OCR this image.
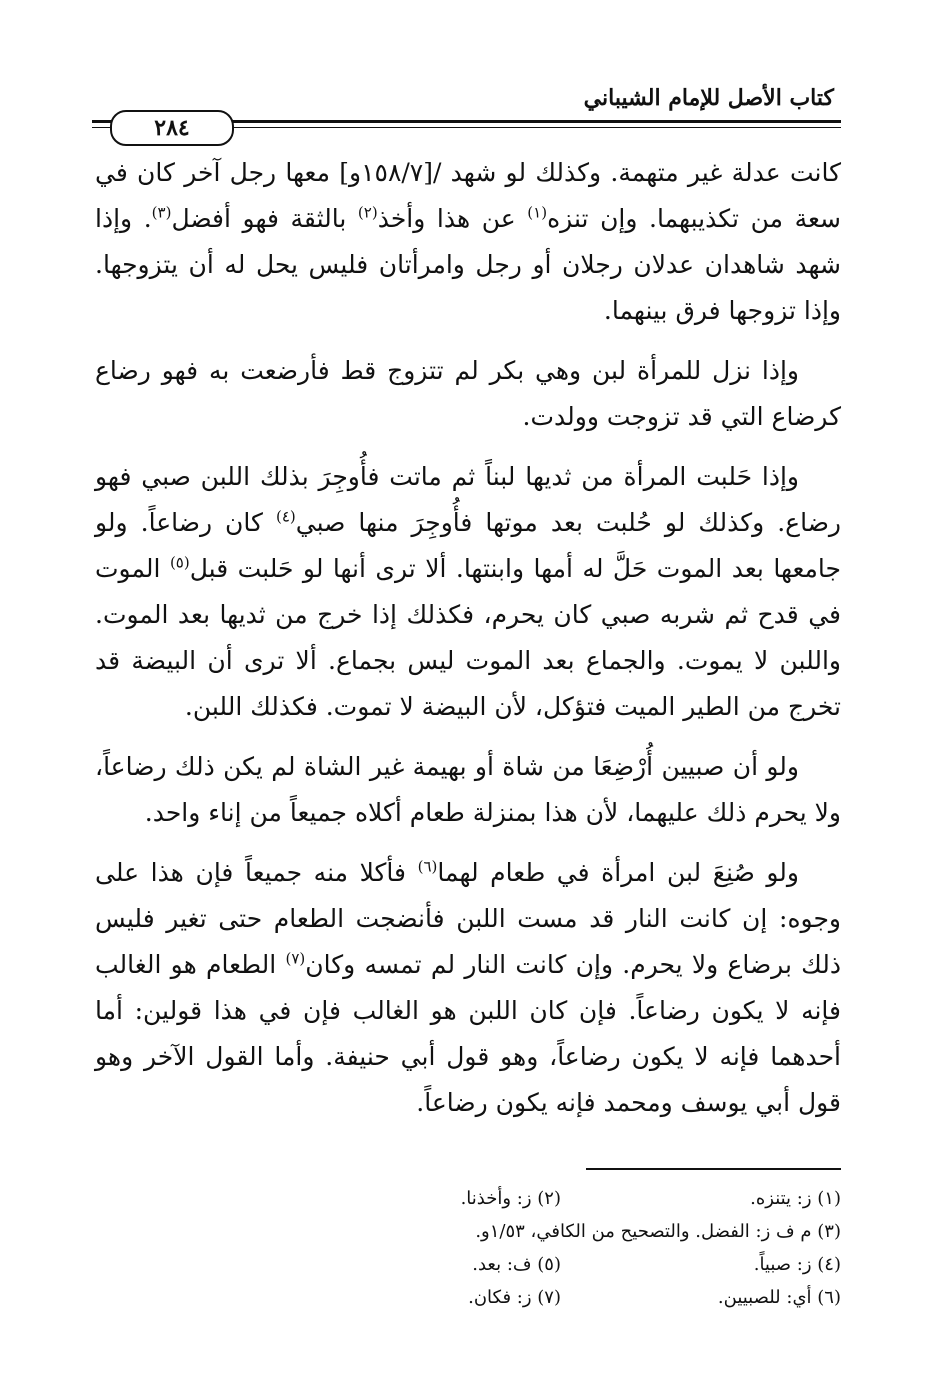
كتاب الأصل للإمام الشيباني
٢٨٤

كانت عدلة غير متهمة. وكذلك لو شهد /[١٥٨/٧و] معها رجل آخر كان في سعة من تكذيبهما. وإن تنزه$^{(١)}$ عن هذا وأخذ$^{(٢)}$ بالثقة فهو أفضل$^{(٣)}$. وإذا شهد شاهدان عدلان رجلان أو رجل وامرأتان فليس يحل له أن يتزوجها. وإذا تزوجها فرق بينهما.

وإذا نزل للمرأة لبن وهي بكر لم تتزوج قط فأرضعت به فهو رضاع كرضاع التي قد تزوجت وولدت.

وإذا حَلبت المرأة من ثديها لبناً ثم ماتت فأُوجِرَ بذلك اللبن صبي فهو رضاع. وكذلك لو حُلبت بعد موتها فأُوجِرَ منها صبي$^{(٤)}$ كان رضاعاً. ولو جامعها بعد الموت حَلَّ له أمها وابنتها. ألا ترى أنها لو حَلبت قبل$^{(٥)}$ الموت في قدح ثم شربه صبي كان يحرم، فكذلك إذا خرج من ثديها بعد الموت. واللبن لا يموت. والجماع بعد الموت ليس بجماع. ألا ترى أن البيضة قد تخرج من الطير الميت فتؤكل، لأن البيضة لا تموت. فكذلك اللبن.

ولو أن صبيين أُرْضِعَا من شاة أو بهيمة غير الشاة لم يكن ذلك رضاعاً، ولا يحرم ذلك عليهما، لأن هذا بمنزلة طعام أكلاه جميعاً من إناء واحد.

ولو صُنِعَ لبن امرأة في طعام لهما$^{(٦)}$ فأكلا منه جميعاً فإن هذا على وجوه: إن كانت النار قد مست اللبن فأنضجت الطعام حتى تغير فليس ذلك برضاع ولا يحرم. وإن كانت النار لم تمسه وكان$^{(٧)}$ الطعام هو الغالب فإنه لا يكون رضاعاً. فإن كان اللبن هو الغالب فإن في هذا قولين: أما أحدهما فإنه لا يكون رضاعاً، وهو قول أبي حنيفة. وأما القول الآخر وهو قول أبي يوسف ومحمد فإنه يكون رضاعاً.

(١) ز: يتنزه.
(٢) ز: وأخذنا.
(٣) م ف ز: الفضل. والتصحيح من الكافي، ١/٥٣و.
(٤) ز: صبياً.
(٥) ف: بعد.
(٦) أي: للصبيين.
(٧) ز: فكان.
